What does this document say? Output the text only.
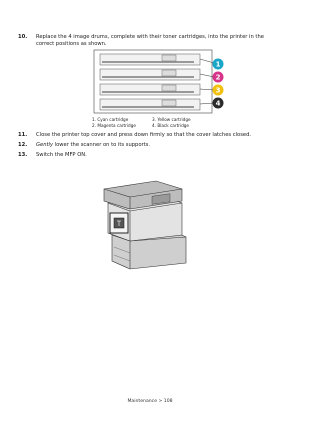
10.	Replace the 4 image drums, complete with their toner cartridges, into the printer in the correct positions as shown.
1
2
3
4
1. Cyan cartridge
2. Magenta cartridge
3. Yellow cartridge
4. Black cartridge
11.	Close the printer top cover and press down firmly so that the cover latches closed.
12.	Gently lower the scanner on to its supports.
13.	Switch the MFP ON.
Maintenance > 108
